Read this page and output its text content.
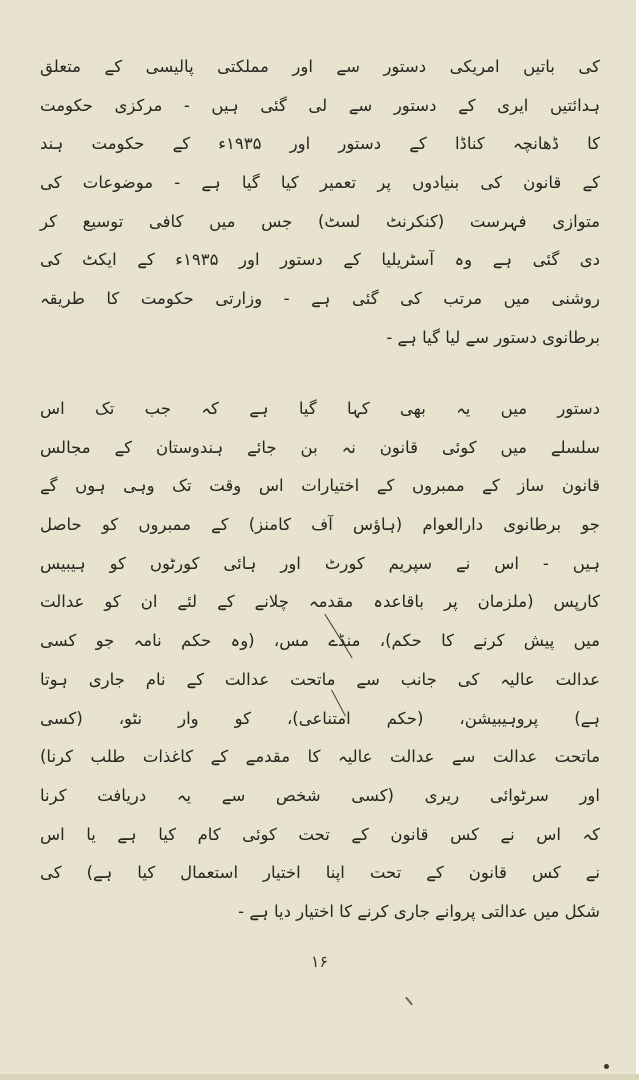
کی باتیں امریکی دستور سے اور مملکتی پالیسی کے متعلق
ہدائتیں ایری کے دستور سے لی گئی ہیں - مرکزی حکومت
کا ڈھانچہ کناڈا کے دستور اور ۱۹۳۵ء کے حکومت ہند
کے قانون کی بنیادوں پر تعمیر کیا گیا ہے - موضوعات کی
متوازی فہرست (کنکرنٹ لسٹ) جس میں کافی توسیع کر
دی گئی ہے وہ آسٹریلیا کے دستور اور ۱۹۳۵ء کے ایکٹ کی
روشنی میں مرتب کی گئی ہے - وزارتی حکومت کا طریقہ
برطانوی دستور سے لیا گیا ہے -
دستور میں یہ بھی کہا گیا ہے کہ جب تک اس
سلسلے میں کوئی قانون نہ بن جائے ہندوستان کے مجالس
قانون ساز کے ممبروں کے اختیارات اس وقت تک وہی ہوں گے
جو برطانوی دارالعوام (ہاؤس آف کامنز) کے ممبروں کو حاصل
ہیں - اس نے سپریم کورٹ اور ہائی کورٹوں کو ہیبیس
کارپس (ملزمان پر باقاعدہ مقدمہ چلانے کے لئے ان کو عدالت
میں پیش کرنے کا حکم)، منڈے مس، (وہ حکم نامہ جو کسی
عدالت عالیہ کی جانب سے ماتحت عدالت کے نام جاری ہوتا
ہے) پروہیبیشن، (حکم امتناعی)، کو وار نٹو، (کسی
ماتحت عدالت سے عدالت عالیہ کا مقدمے کے کاغذات طلب کرنا)
اور سرٹوائی ریری (کسی شخص سے یہ دریافت کرنا
کہ اس نے کس قانون کے تحت کوئی کام کیا ہے یا اس
نے کس قانون کے تحت اپنا اختیار استعمال کیا ہے) کی
شکل میں عدالتی پروانے جاری کرنے کا اختیار دیا ہے -
۱۶
